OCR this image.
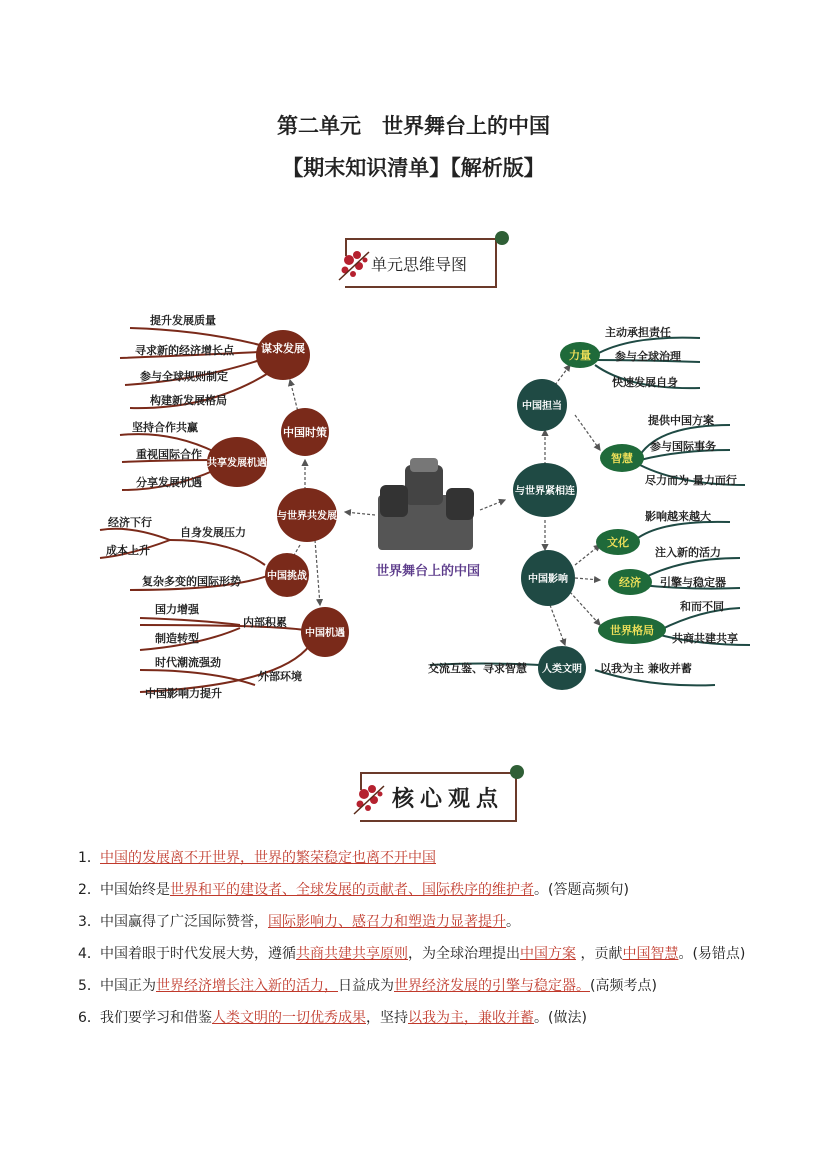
第二单元　世界舞台上的中国
【期末知识清单】【解析版】
单元思维导图
世界舞台上的中国
谋求发展
中国时策
共享发展机遇
与世界共发展
中国挑战
中国机遇
提升发展质量
寻求新的经济增长点
参与全球规则制定
构建新发展格局
坚持合作共赢
重视国际合作
分享发展机遇
自身发展压力
经济下行
成本上升
复杂多变的国际形势
内部积累
国力增强
制造转型
外部环境
时代潮流强劲
中国影响力提升
中国担当
与世界紧相连
中国影响
人类文明
力量
智慧
文化
经济
世界格局
主动承担责任
参与全球治理
快速发展自身
提供中国方案
参与国际事务
尽力而为 量力而行
影响越来越大
注入新的活力
引擎与稳定器
和而不同
共商共建共享
交流互鉴、寻求智慧	以我为主 兼收并蓄
核心观点
1． 中国的发展离不开世界，世界的繁荣稳定也离不开中国
2． 中国始终是世界和平的建设者、全球发展的贡献者、国际秩序的维护者。(答题高频句)
3． 中国赢得了广泛国际赞誉，国际影响力、感召力和塑造力显著提升。
4． 中国着眼于时代发展大势，遵循共商共建共享原则，为全球治理提出中国方案 ，贡献中国智慧。(易错点)
5． 中国正为世界经济增长注入新的活力，日益成为世界经济发展的引擎与稳定器。(高频考点)
6． 我们要学习和借鉴人类文明的一切优秀成果，坚持以我为主，兼收并蓄。(做法)
